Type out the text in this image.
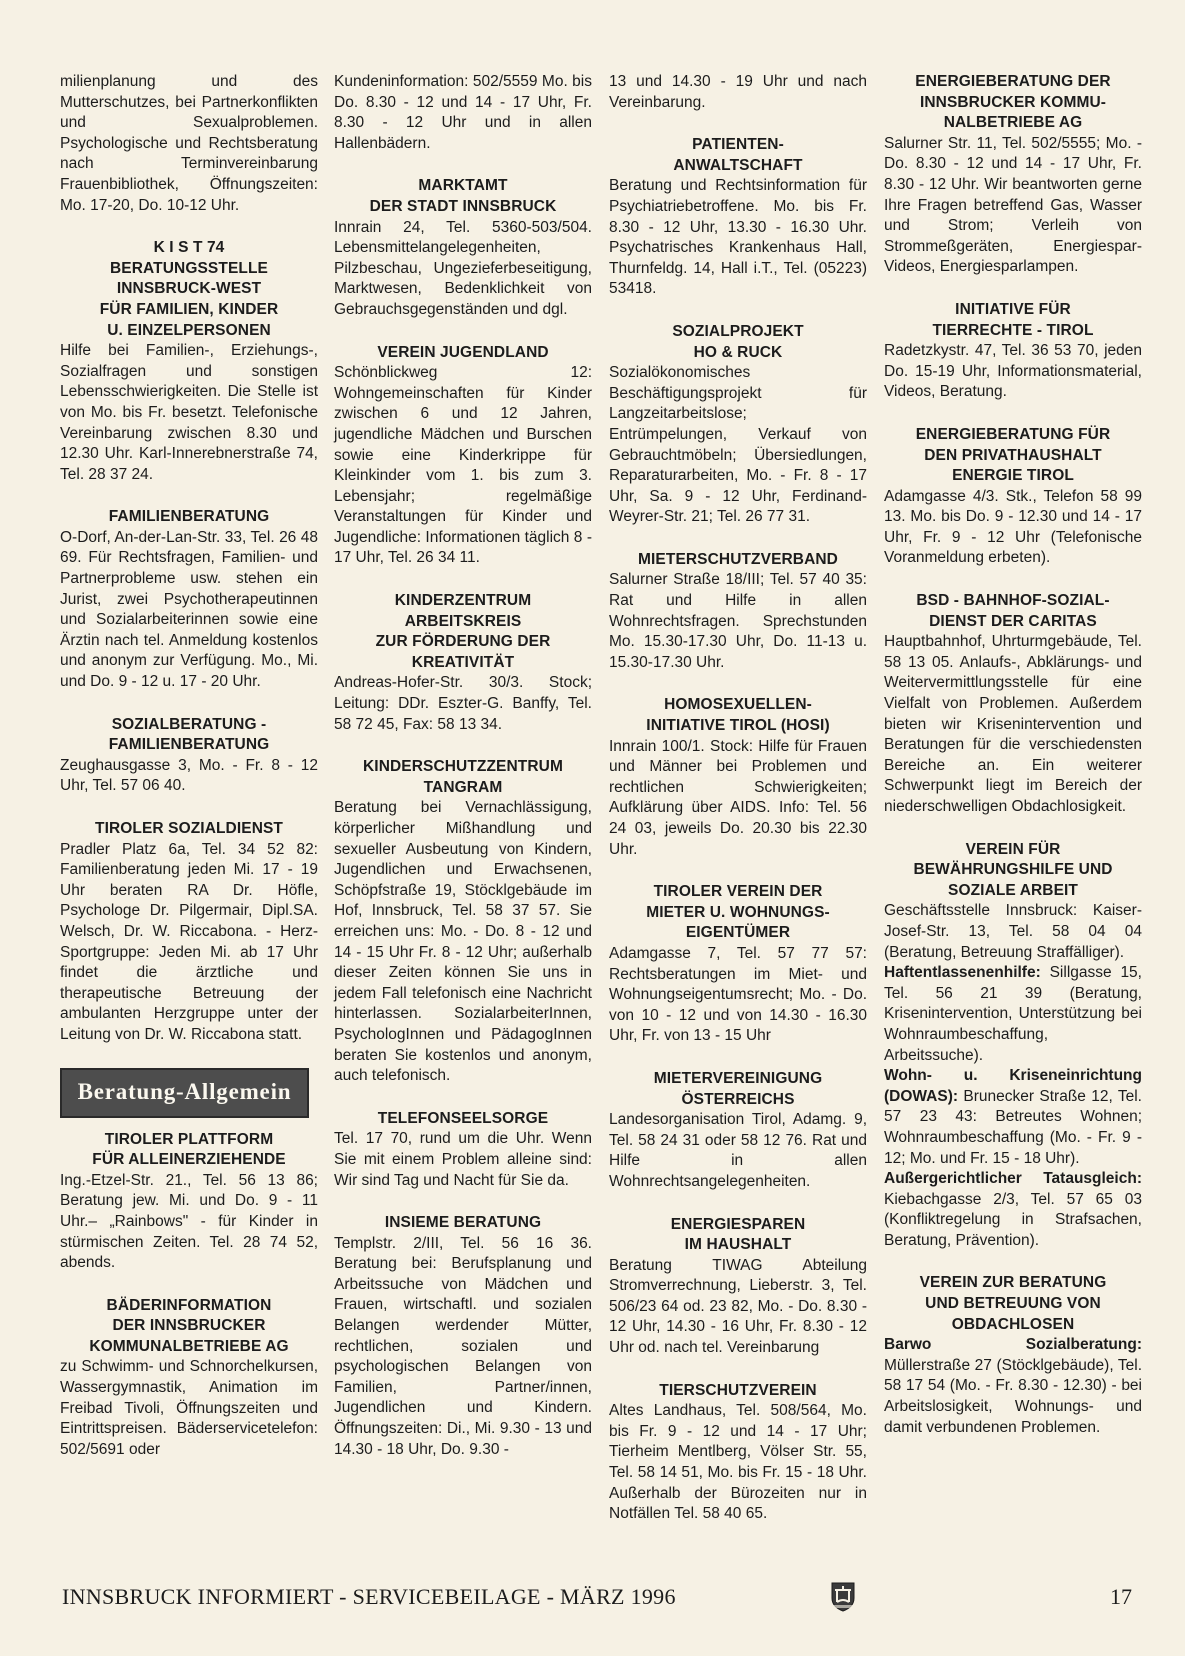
milienplanung und des Mutterschutzes, bei Partnerkonflikten und Sexualproblemen. Psychologische und Rechtsberatung nach Terminvereinbarung Frauenbibliothek, Öffnungszeiten: Mo. 17-20, Do. 10-12 Uhr.
K I S T 74
BERATUNGSSTELLE
INNSBRUCK-WEST
FÜR FAMILIEN, KINDER
U. EINZELPERSONEN
Hilfe bei Familien-, Erziehungs-, Sozialfragen und sonstigen Lebensschwierigkeiten. Die Stelle ist von Mo. bis Fr. besetzt. Telefonische Vereinbarung zwischen 8.30 und 12.30 Uhr. Karl-Innerebnerstraße 74, Tel. 28 37 24.
FAMILIENBERATUNG
O-Dorf, An-der-Lan-Str. 33, Tel. 26 48 69. Für Rechtsfragen, Familien- und Partnerprobleme usw. stehen ein Jurist, zwei Psychotherapeutinnen und Sozialarbeiterinnen sowie eine Ärztin nach tel. Anmeldung kostenlos und anonym zur Verfügung. Mo., Mi. und Do. 9 - 12 u. 17 - 20 Uhr.
SOZIALBERATUNG -
FAMILIENBERATUNG
Zeughausgasse 3, Mo. - Fr. 8 - 12 Uhr, Tel. 57 06 40.
TIROLER SOZIALDIENST
Pradler Platz 6a, Tel. 34 52 82: Familienberatung jeden Mi. 17 - 19 Uhr beraten RA Dr. Höfle, Psychologe Dr. Pilgermair, Dipl.SA. Welsch, Dr. W. Riccabona. - Herz-Sportgruppe: Jeden Mi. ab 17 Uhr findet die ärztliche und therapeutische Betreuung der ambulanten Herzgruppe unter der Leitung von Dr. W. Riccabona statt.
Beratung-Allgemein
TIROLER PLATTFORM
FÜR ALLEINERZIEHENDE
Ing.-Etzel-Str. 21., Tel. 56 13 86; Beratung jew. Mi. und Do. 9 - 11 Uhr.– „Rainbows" - für Kinder in stürmischen Zeiten. Tel. 28 74 52, abends.
BÄDERINFORMATION
DER INNSBRUCKER
KOMMUNALBETRIEBE AG
zu Schwimm- und Schnorchelkursen, Wassergymnastik, Animation im Freibad Tivoli, Öffnungszeiten und Eintrittspreisen. Bäderservicetelefon: 502/5691 oder
Kundeninformation: 502/5559 Mo. bis Do. 8.30 - 12 und 14 - 17 Uhr, Fr. 8.30 - 12 Uhr und in allen Hallenbädern.
MARKTAMT
DER STADT INNSBRUCK
Innrain 24, Tel. 5360-503/504. Lebensmittelangelegenheiten, Pilzbeschau, Ungezieferbeseitigung, Marktwesen, Bedenklichkeit von Gebrauchsgegenständen und dgl.
VEREIN JUGENDLAND
Schönblickweg 12: Wohngemeinschaften für Kinder zwischen 6 und 12 Jahren, jugendliche Mädchen und Burschen sowie eine Kinderkrippe für Kleinkinder vom 1. bis zum 3. Lebensjahr; regelmäßige Veranstaltungen für Kinder und Jugendliche: Informationen täglich 8 - 17 Uhr, Tel. 26 34 11.
KINDERZENTRUM
ARBEITSKREIS
ZUR FÖRDERUNG DER
KREATIVITÄT
Andreas-Hofer-Str. 30/3. Stock; Leitung: DDr. Eszter-G. Banffy, Tel. 58 72 45, Fax: 58 13 34.
KINDERSCHUTZZENTRUM
TANGRAM
Beratung bei Vernachlässigung, körperlicher Mißhandlung und sexueller Ausbeutung von Kindern, Jugendlichen und Erwachsenen, Schöpfstraße 19, Stöcklgebäude im Hof, Innsbruck, Tel. 58 37 57. Sie erreichen uns: Mo. - Do. 8 - 12 und 14 - 15 Uhr Fr. 8 - 12 Uhr; außerhalb dieser Zeiten können Sie uns in jedem Fall telefonisch eine Nachricht hinterlassen. SozialarbeiterInnen, PsychologInnen und PädagogInnen beraten Sie kostenlos und anonym, auch telefonisch.
TELEFONSEELSORGE
Tel. 17 70, rund um die Uhr. Wenn Sie mit einem Problem alleine sind: Wir sind Tag und Nacht für Sie da.
INSIEME BERATUNG
Templstr. 2/III, Tel. 56 16 36. Beratung bei: Berufsplanung und Arbeitssuche von Mädchen und Frauen, wirtschaftl. und sozialen Belangen werdender Mütter, rechtlichen, sozialen und psychologischen Belangen von Familien, Partner/innen, Jugendlichen und Kindern. Öffnungszeiten: Di., Mi. 9.30 - 13 und 14.30 - 18 Uhr, Do. 9.30 -
13 und 14.30 - 19 Uhr und nach Vereinbarung.
PATIENTEN-
ANWALTSCHAFT
Beratung und Rechtsinformation für Psychiatriebetroffene. Mo. bis Fr. 8.30 - 12 Uhr, 13.30 - 16.30 Uhr. Psychatrisches Krankenhaus Hall, Thurnfeldg. 14, Hall i.T., Tel. (05223) 53418.
SOZIALPROJEKT
HO & RUCK
Sozialökonomisches Beschäftigungsprojekt für Langzeitarbeitslose; Entrümpelungen, Verkauf von Gebrauchtmöbeln; Übersiedlungen, Reparaturarbeiten, Mo. - Fr. 8 - 17 Uhr, Sa. 9 - 12 Uhr, Ferdinand-Weyrer-Str. 21; Tel. 26 77 31.
MIETERSCHUTZVERBAND
Salurner Straße 18/III; Tel. 57 40 35: Rat und Hilfe in allen Wohnrechtsfragen. Sprechstunden Mo. 15.30-17.30 Uhr, Do. 11-13 u. 15.30-17.30 Uhr.
HOMOSEXUELLEN-
INITIATIVE TIROL (HOSI)
Innrain 100/1. Stock: Hilfe für Frauen und Männer bei Problemen und rechtlichen Schwierigkeiten; Aufklärung über AIDS. Info: Tel. 56 24 03, jeweils Do. 20.30 bis 22.30 Uhr.
TIROLER VEREIN DER
MIETER U. WOHNUNGS-
EIGENTÜMER
Adamgasse 7, Tel. 57 77 57: Rechtsberatungen im Miet- und Wohnungseigentumsrecht; Mo. - Do. von 10 - 12 und von 14.30 - 16.30 Uhr, Fr. von 13 - 15 Uhr
MIETERVEREINIGUNG
ÖSTERREICHS
Landesorganisation Tirol, Adamg. 9, Tel. 58 24 31 oder 58 12 76. Rat und Hilfe in allen Wohnrechtsangelegenheiten.
ENERGIESPAREN
IM HAUSHALT
Beratung TIWAG Abteilung Stromverrechnung, Lieberstr. 3, Tel. 506/23 64 od. 23 82, Mo. - Do. 8.30 - 12 Uhr, 14.30 - 16 Uhr, Fr. 8.30 - 12 Uhr od. nach tel. Vereinbarung
TIERSCHUTZVEREIN
Altes Landhaus, Tel. 508/564, Mo. bis Fr. 9 - 12 und 14 - 17 Uhr; Tierheim Mentlberg, Völser Str. 55, Tel. 58 14 51, Mo. bis Fr. 15 - 18 Uhr. Außerhalb der Bürozeiten nur in Notfällen Tel. 58 40 65.
ENERGIEBERATUNG DER
INNSBRUCKER KOMMU-
NALBETRIEBE AG
Salurner Str. 11, Tel. 502/5555; Mo. - Do. 8.30 - 12 und 14 - 17 Uhr, Fr. 8.30 - 12 Uhr. Wir beantworten gerne Ihre Fragen betreffend Gas, Wasser und Strom; Verleih von Strommeßgeräten, Energiespar-Videos, Energiesparlampen.
INITIATIVE FÜR
TIERRECHTE - TIROL
Radetzkystr. 47, Tel. 36 53 70, jeden Do. 15-19 Uhr, Informationsmaterial, Videos, Beratung.
ENERGIEBERATUNG FÜR
DEN PRIVATHAUSHALT
ENERGIE TIROL
Adamgasse 4/3. Stk., Telefon 58 99 13. Mo. bis Do. 9 - 12.30 und 14 - 17 Uhr, Fr. 9 - 12 Uhr (Telefonische Voranmeldung erbeten).
BSD - BAHNHOF-SOZIAL-
DIENST DER CARITAS
Hauptbahnhof, Uhrturmgebäude, Tel. 58 13 05. Anlaufs-, Abklärungs- und Weitervermittlungsstelle für eine Vielfalt von Problemen. Außerdem bieten wir Krisenintervention und Beratungen für die verschiedensten Bereiche an. Ein weiterer Schwerpunkt liegt im Bereich der niederschwelligen Obdachlosigkeit.
VEREIN FÜR
BEWÄHRUNGSHILFE UND
SOZIALE ARBEIT
Geschäftsstelle Innsbruck: Kaiser-Josef-Str. 13, Tel. 58 04 04 (Beratung, Betreuung Straffälliger).
Haftentlassenenhilfe: Sillgasse 15, Tel. 56 21 39 (Beratung, Krisenintervention, Unterstützung bei Wohnraumbeschaffung, Arbeitssuche).
Wohn- u. Kriseneinrichtung (DOWAS): Brunecker Straße 12, Tel. 57 23 43: Betreutes Wohnen; Wohnraumbeschaffung (Mo. - Fr. 9 - 12; Mo. und Fr. 15 - 18 Uhr).
Außergerichtlicher Tatausgleich: Kiebachgasse 2/3, Tel. 57 65 03 (Konfliktregelung in Strafsachen, Beratung, Prävention).
VEREIN ZUR BERATUNG
UND BETREUUNG VON
OBDACHLOSEN
Barwo Sozialberatung: Müllerstraße 27 (Stöcklgebäude), Tel. 58 17 54 (Mo. - Fr. 8.30 - 12.30) - bei Arbeitslosigkeit, Wohnungs- und damit verbundenen Problemen.
INNSBRUCK INFORMIERT - SERVICEBEILAGE - MÄRZ 1996	17
